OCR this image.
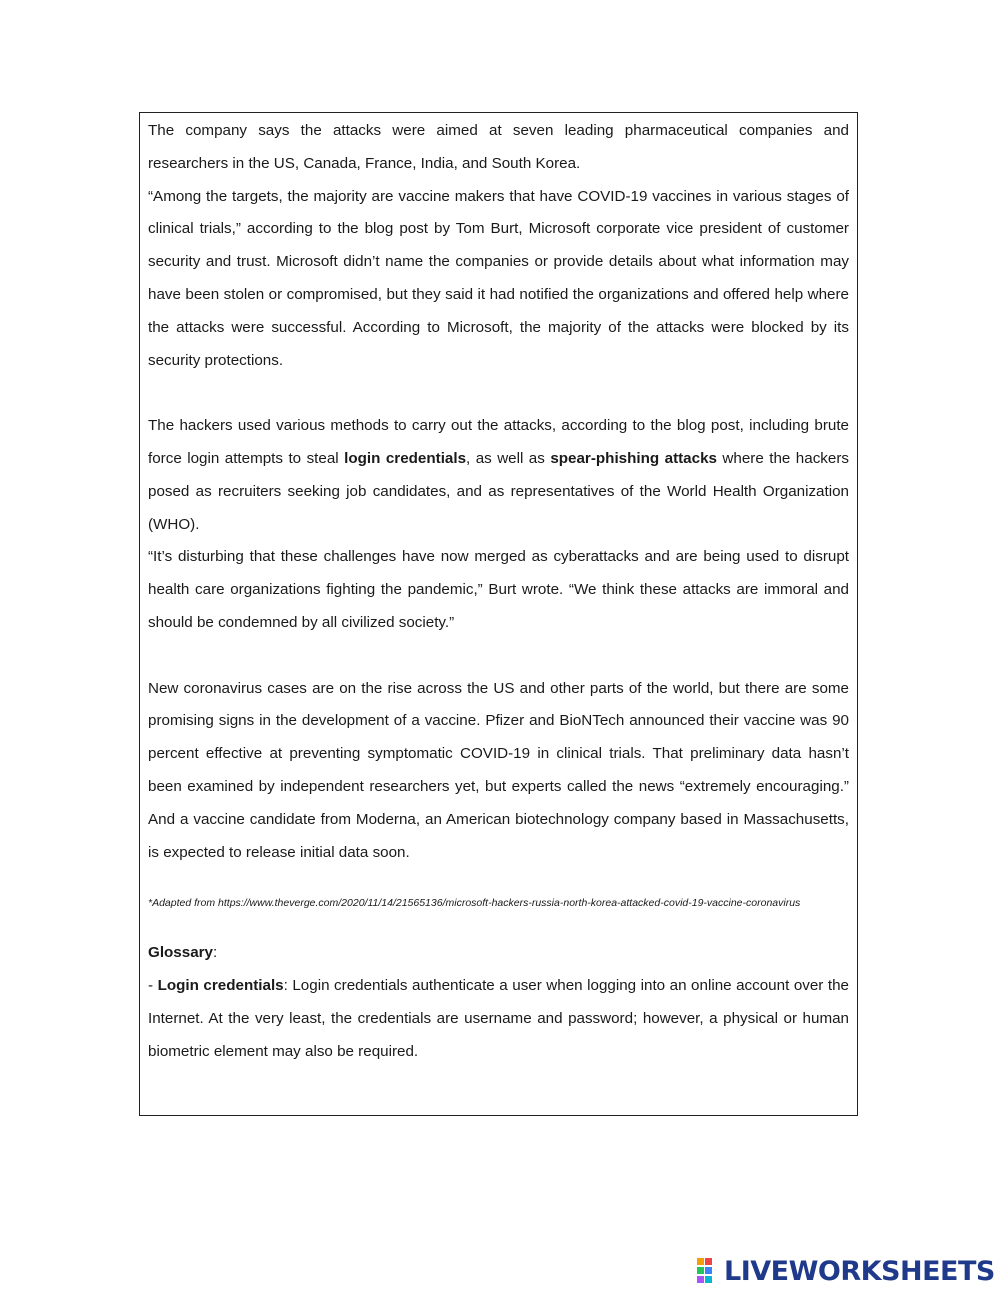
The company says the attacks were aimed at seven leading pharmaceutical companies and researchers in the US, Canada, France, India, and South Korea.

“Among the targets, the majority are vaccine makers that have COVID-19 vaccines in various stages of clinical trials,” according to the blog post by Tom Burt, Microsoft corporate vice president of customer security and trust. Microsoft didn’t name the companies or provide details about what information may have been stolen or compromised, but they said it had notified the organizations and offered help where the attacks were successful. According to Microsoft, the majority of the attacks were blocked by its security protections.

The hackers used various methods to carry out the attacks, according to the blog post, including brute force login attempts to steal login credentials, as well as spear-phishing attacks where the hackers posed as recruiters seeking job candidates, and as representatives of the World Health Organization (WHO).

“It’s disturbing that these challenges have now merged as cyberattacks and are being used to disrupt health care organizations fighting the pandemic,” Burt wrote. “We think these attacks are immoral and should be condemned by all civilized society.”

New coronavirus cases are on the rise across the US and other parts of the world, but there are some promising signs in the development of a vaccine. Pfizer and BioNTech announced their vaccine was 90 percent effective at preventing symptomatic COVID-19 in clinical trials. That preliminary data hasn’t been examined by independent researchers yet, but experts called the news “extremely encouraging.” And a vaccine candidate from Moderna, an American biotechnology company based in Massachusetts, is expected to release initial data soon.

*Adapted from https://www.theverge.com/2020/11/14/21565136/microsoft-hackers-russia-north-korea-attacked-covid-19-vaccine-coronavirus

Glossary:

- Login credentials: Login credentials authenticate a user when logging into an online account over the Internet. At the very least, the credentials are username and password; however, a physical or human biometric element may also be required.

LIVEWORKSHEETS
